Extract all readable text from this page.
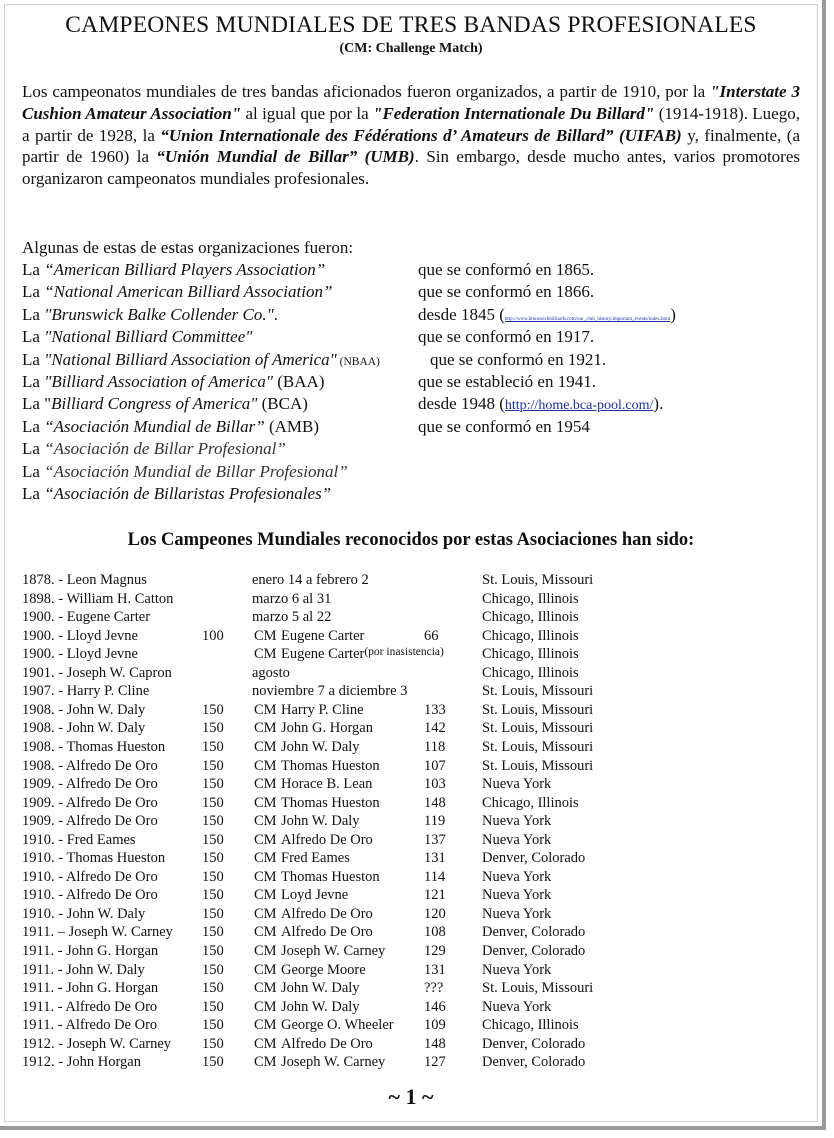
CAMPEONES MUNDIALES DE TRES BANDAS PROFESIONALES
(CM: Challenge Match)
Los campeonatos mundiales de tres bandas aficionados fueron organizados, a partir de 1910, por la "Interstate 3 Cushion Amateur Association" al igual que por la "Federation Internationale Du Billard" (1914-1918). Luego, a partir de 1928, la “Union Internationale des Fédérations d’ Amateurs de Billard” (UIFAB) y, finalmente, (a partir de 1960) la “Unión Mundial de Billar” (UMB). Sin embargo, desde mucho antes, varios promotores organizaron campeonatos mundiales profesionales.
Algunas de estas de estas organizaciones fueron:
La “American Billiard Players Association”	que se conformó en 1865.
La “National American Billiard Association”	que se conformó en 1866.
La "Brunswick Balke Collender Co.".	desde 1845 (http://www.brunswickbilliards.com/our_club_history/important_events/index.html)
La "National Billiard Committee"	que se conformó en 1917.
La "National Billiard Association of America" (NBAA)	que se conformó en 1921.
La "Billiard Association of America" (BAA)	que se estableció en 1941.
La "Billiard Congress of America" (BCA)	desde 1948 (http://home.bca-pool.com/).
La “Asociación Mundial de Billar” (AMB)	que se conformó en 1954
La “Asociación de Billar Profesional”
La “Asociación Mundial de Billar Profesional”
La “Asociación de Billaristas Profesionales”
Los Campeones Mundiales reconocidos por estas Asociaciones han sido:
1878. - Leon Magnus	enero 14 a febrero 2	St. Louis, Missouri
1898. - William H. Catton	marzo 6 al 31	Chicago, Illinois
1900. - Eugene Carter	marzo 5 al 22	Chicago, Illinois
1900. - Lloyd Jevne	100 CM Eugene Carter	66	Chicago, Illinois
1900. - Lloyd Jevne	CM Eugene Carter (por inasistencia)	Chicago, Illinois
1901. - Joseph W. Capron	agosto	Chicago, Illinois
1907. - Harry P. Cline	noviembre 7 a diciembre 3	St. Louis, Missouri
1908. - John W. Daly	150 CM Harry P. Cline	133	St. Louis, Missouri
1908. - John W. Daly	150 CM John G. Horgan	142	St. Louis, Missouri
1908. - Thomas Hueston	150 CM John W. Daly	118	St. Louis, Missouri
1908. - Alfredo De Oro	150 CM Thomas Hueston	107	St. Louis, Missouri
1909. - Alfredo De Oro	150 CM Horace B. Lean	103	Nueva York
1909. - Alfredo De Oro	150 CM Thomas Hueston	148	Chicago, Illinois
1909. - Alfredo De Oro	150 CM John W. Daly	119	Nueva York
1910. - Fred Eames	150 CM Alfredo De Oro	137	Nueva York
1910. - Thomas Hueston	150 CM Fred Eames	131	Denver, Colorado
1910. - Alfredo De Oro	150 CM Thomas Hueston	114	Nueva York
1910. - Alfredo De Oro	150 CM Loyd Jevne	121	Nueva York
1910. - John W. Daly	150 CM Alfredo De Oro	120	Nueva York
1911. – Joseph W. Carney 150 CM Alfredo De Oro	108	Denver, Colorado
1911. - John G. Horgan	150 CM Joseph W. Carney	129	Denver, Colorado
1911. - John W. Daly	150 CM George Moore	131	Nueva York
1911. - John G. Horgan	150 CM John W. Daly	???	St. Louis, Missouri
1911. - Alfredo De Oro	150 CM John W. Daly	146	Nueva York
1911. - Alfredo De Oro	150 CM George O. Wheeler 109	Chicago, Illinois
1912. - Joseph W. Carney 150 CM Alfredo De Oro	148	Denver, Colorado
1912. - John Horgan	150 CM Joseph W. Carney	127	Denver, Colorado
~ 1 ~
